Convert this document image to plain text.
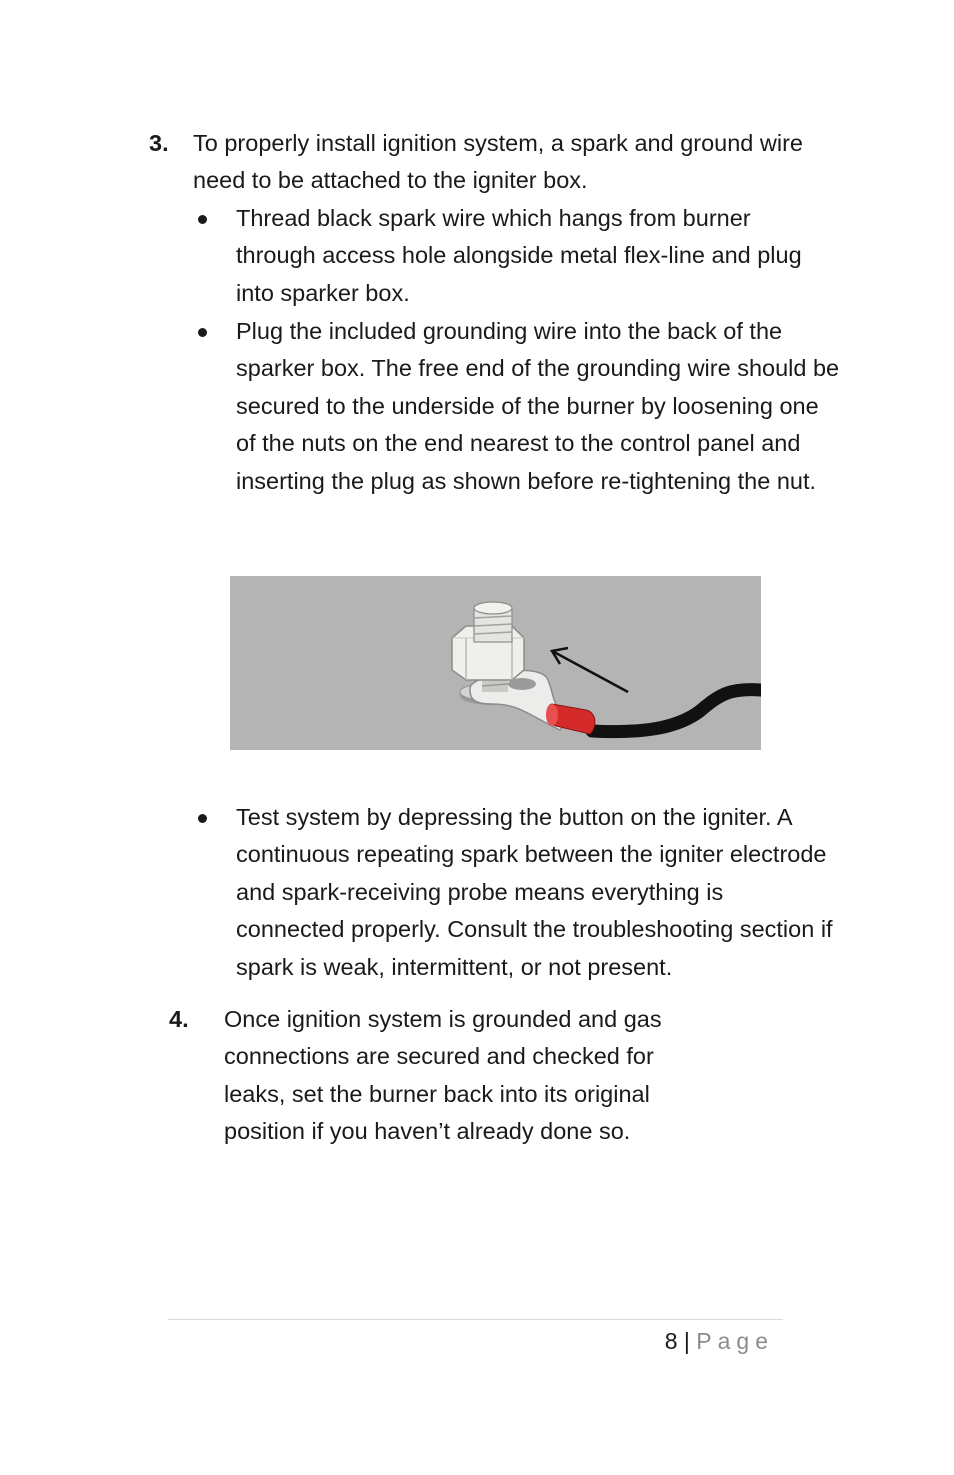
3. To properly install ignition system, a spark and ground wire need to be attached to the igniter box.
Thread black spark wire which hangs from burner through access hole alongside metal flex-line and plug into sparker box.
Plug the included grounding wire into the back of the sparker box. The free end of the grounding wire should be secured to the underside of the burner by loosening one of the nuts on the end nearest to the control panel and inserting the plug as shown before re-tightening the nut.
Test system by depressing the button on the igniter. A continuous repeating spark between the igniter electrode and spark-receiving probe means everything is connected properly. Consult the troubleshooting section if spark is weak, intermittent, or not present.
4. Once ignition system is grounded and gas connections are secured and checked for leaks, set the burner back into its original position if you haven’t already done so.
8 | Page
